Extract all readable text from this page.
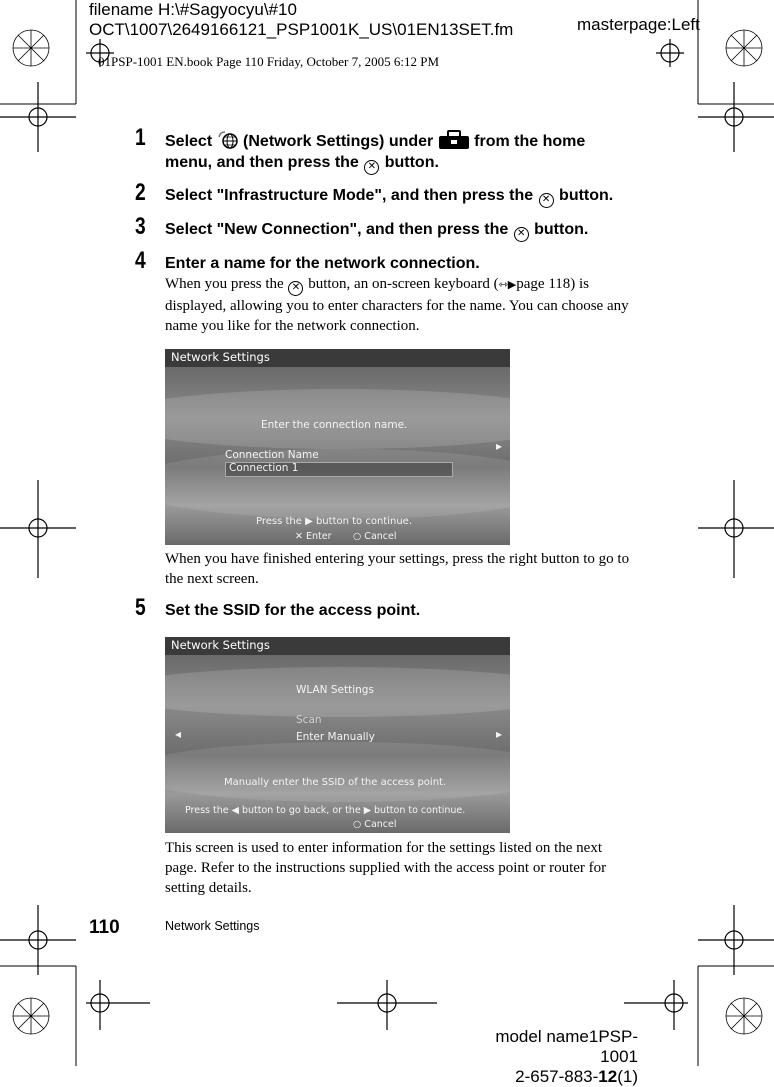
filename H:\#Sagyocyu\#10
OCT\1007\2649166121_PSP1001K_US\01EN13SET.fm	masterpage:Left
01PSP-1001 EN.book Page 110 Friday, October 7, 2005 6:12 PM
1 Select  (Network Settings) under  from the home menu, and then press the ✕ button.
2 Select "Infrastructure Mode", and then press the ✕ button.
3 Select "New Connection", and then press the ✕ button.
4 Enter a name for the network connection.
When you press the ✕ button, an on-screen keyboard (⇿▶page 118) is displayed, allowing you to enter characters for the name. You can choose any name you like for the network connection.
Network Settings
Enter the connection name.
▸
Connection Name
Connection 1
Press the ▶ button to continue.
✕ Enter ○ Cancel
When you have finished entering your settings, press the right button to go to the next screen.
5 Set the SSID for the access point.
Network Settings
WLAN Settings
Scan
Enter Manually
◂	▸
Manually enter the SSID of the access point.
Press the ◀ button to go back, or the ▶ button to continue.
○ Cancel
This screen is used to enter information for the settings listed on the next page. Refer to the instructions supplied with the access point or router for setting details.
110	Network Settings
model name1PSP-1001
2-657-883-12(1)
